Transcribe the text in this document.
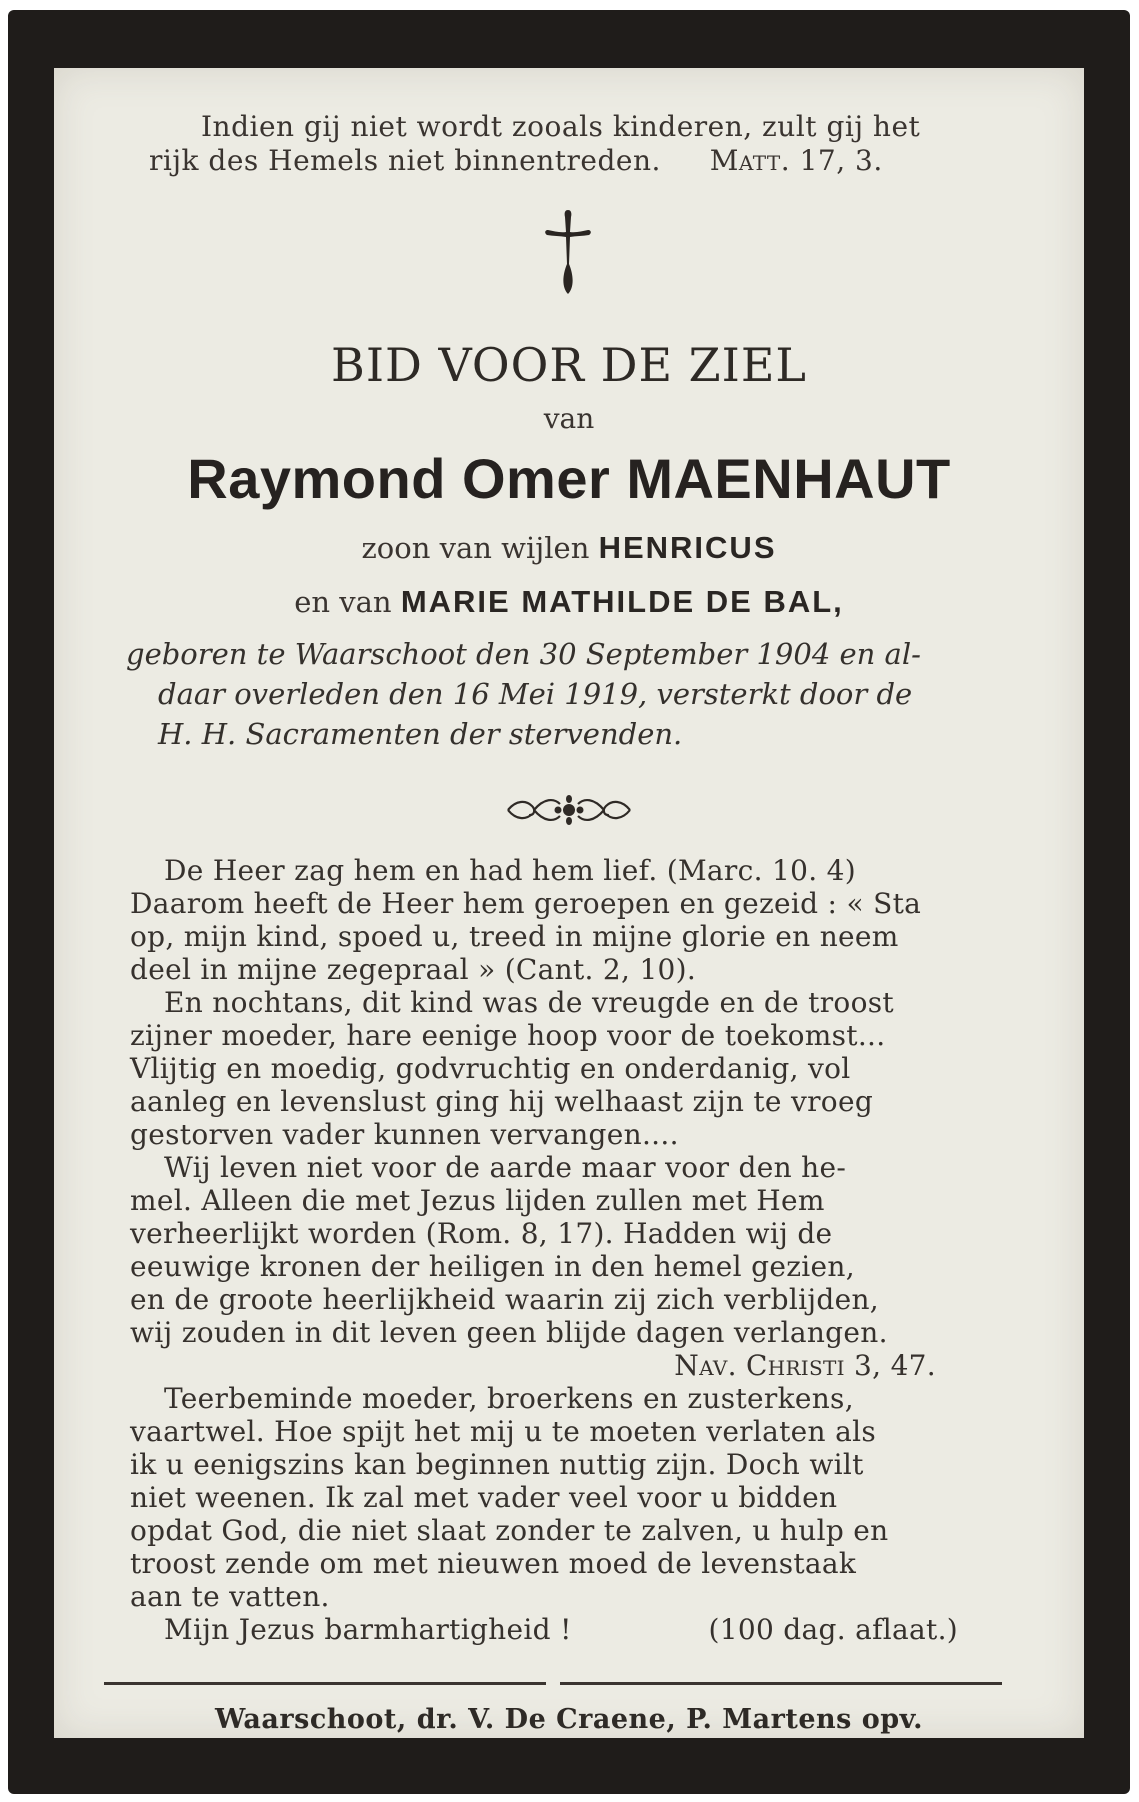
Indien gij niet wordt zooals kinderen, zult gij het
rijk des Hemels niet binnentreden. Matt. 17, 3.
BID VOOR DE ZIEL
van
Raymond Omer MAENHAUT
zoon van wijlen HENRICUS
en van MARIE MATHILDE DE BAL,
geboren te Waarschoot den 30 September 1904 en al-
daar overleden den 16 Mei 1919, versterkt door de
H. H. Sacramenten der stervenden.
De Heer zag hem en had hem lief. (Marc. 10. 4)
Daarom heeft de Heer hem geroepen en gezeid : « Sta
op, mijn kind, spoed u, treed in mijne glorie en neem
deel in mijne zegepraal » (Cant. 2, 10).
En nochtans, dit kind was de vreugde en de troost
zijner moeder, hare eenige hoop voor de toekomst...
Vlijtig en moedig, godvruchtig en onderdanig, vol
aanleg en levenslust ging hij welhaast zijn te vroeg
gestorven vader kunnen vervangen....
Wij leven niet voor de aarde maar voor den he-
mel. Alleen die met Jezus lijden zullen met Hem
verheerlijkt worden (Rom. 8, 17). Hadden wij de
eeuwige kronen der heiligen in den hemel gezien,
en de groote heerlijkheid waarin zij zich verblijden,
wij zouden in dit leven geen blijde dagen verlangen.
Nav. Christi 3, 47.
Teerbeminde moeder, broerkens en zusterkens,
vaartwel. Hoe spijt het mij u te moeten verlaten als
ik u eenigszins kan beginnen nuttig zijn. Doch wilt
niet weenen. Ik zal met vader veel voor u bidden
opdat God, die niet slaat zonder te zalven, u hulp en
troost zende om met nieuwen moed de levenstaak
aan te vatten.
Mijn Jezus barmhartigheid !	(100 dag. aflaat.)
Waarschoot, dr. V. De Craene, P. Martens opv.
